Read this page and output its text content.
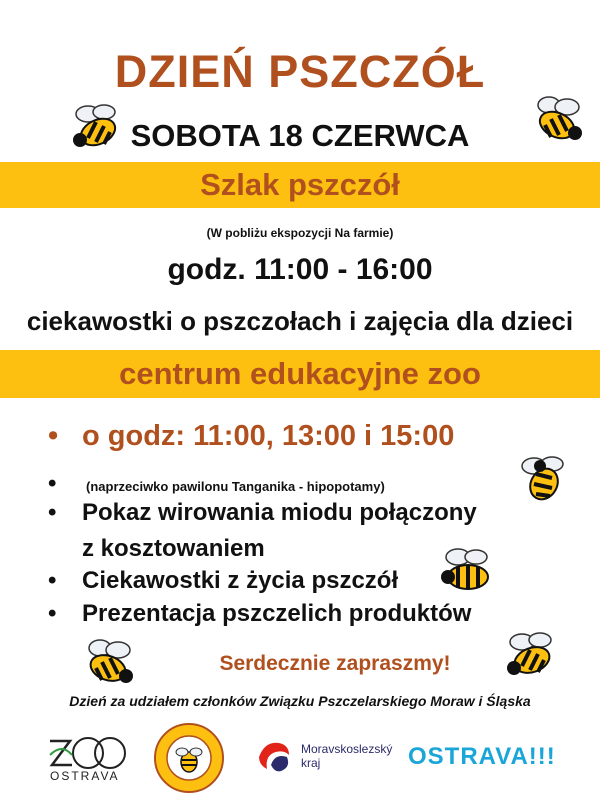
DZIEŃ PSZCZÓŁ
SOBOTA 18 CZERWCA
Szlak pszczół
(W pobliżu ekspozycji Na farmie)
godz. 11:00 - 16:00
ciekawostki o pszczołach i zajęcia dla dzieci
centrum edukacyjne zoo
• o godz: 11:00, 13:00 i 15:00
• (naprzeciwko pawilonu Tanganika - hipopotamy)
• Pokaz wirowania miodu połączony
z kosztowaniem
• Ciekawostki z życia pszczół
• Prezentacja pszczelich produktów
Serdecznie zapraszmy!
Dzień za udziałem członków Związku Pszczelarskiego Moraw i Śląska
OSTRAVA
Moravskoslezský
kraj	OSTRAVA!!!
